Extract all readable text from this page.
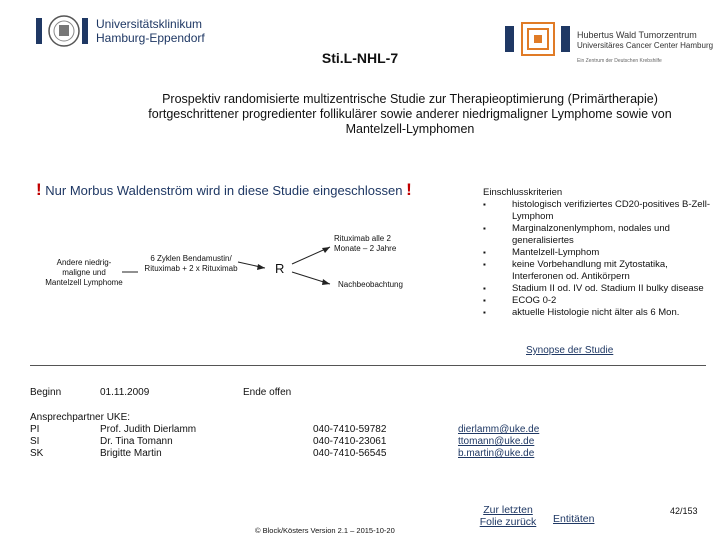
Universitätsklinikum
Hamburg-Eppendorf	Hubertus Wald Tumorzentrum
Universitäres Cancer Center Hamburg
Ein Zentrum der Deutschen Krebshilfe
Sti.L-NHL-7
Prospektiv randomisierte multizentrische Studie zur Therapieoptimierung (Primärtherapie)
fortgeschrittener progredienter follikulärer sowie anderer niedrigmaligner Lymphome sowie von
Mantelzell-Lymphomen
! Nur Morbus Waldenström wird in diese Studie eingeschlossen !
Andere niedrig-maligne und Mantelzell Lymphome
6 Zyklen Bendamustin/ Rituximab + 2 x Rituximab	R
Rituximab alle 2 Monate – 2 Jahre
Nachbeobachtung
Einschlusskriterien
▪	histologisch verifiziertes CD20-positives B-Zell-Lymphom
▪	Marginalzonenlymphom, nodales und generalisiertes
▪	Mantelzell-Lymphom
▪	keine Vorbehandlung mit Zytostatika, Interferonen od. Antikörpern
▪	Stadium II od. IV od. Stadium II bulky disease
▪	ECOG 0-2
▪	aktuelle Histologie nicht älter als 6 Mon.
Synopse der Studie
Beginn	01.11.2009	Ende offen
Ansprechpartner UKE:
PI	Prof. Judith Dierlamm	040-7410-59782	dierlamm@uke.de
SI	Dr. Tina Tomann	040-7410-23061	ttomann@uke.de
SK	Brigitte Martin	040-7410-56545	b.martin@uke.de
Zur letzten
Folie zurück	Entitäten
42/153
© Block/Kösters Version 2.1 – 2015-10-20
